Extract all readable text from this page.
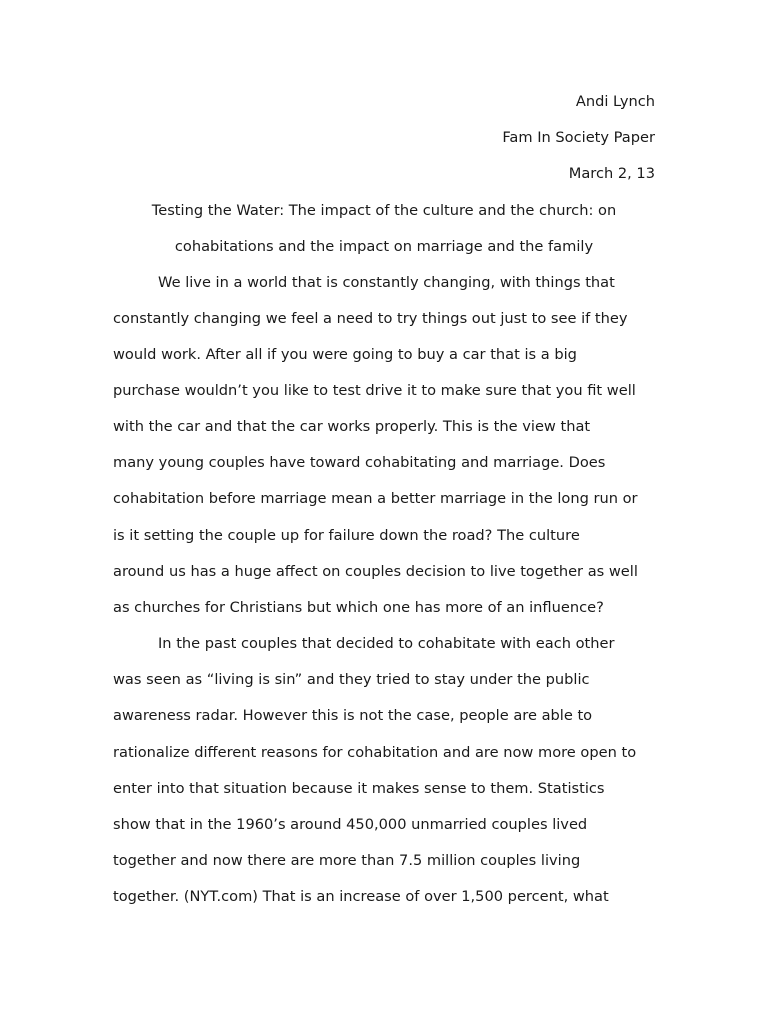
Andi Lynch
Fam In Society Paper
March 2, 13
Testing the Water: The impact of the culture and the church: on
cohabitations and the impact on marriage and the family
We live in a world that is constantly changing, with things that
constantly changing we feel a need to try things out just to see if they
would work. After all if you were going to buy a car that is a big
purchase wouldn’t you like to test drive it to make sure that you fit well
with the car and that the car works properly. This is the view that
many young couples have toward cohabitating and marriage. Does
cohabitation before marriage mean a better marriage in the long run or
is it setting the couple up for failure down the road? The culture
around us has a huge affect on couples decision to live together as well
as churches for Christians but which one has more of an influence?
In the past couples that decided to cohabitate with each other
was seen as “living is sin” and they tried to stay under the public
awareness radar. However this is not the case, people are able to
rationalize different reasons for cohabitation and are now more open to
enter into that situation because it makes sense to them. Statistics
show that in the 1960’s around 450,000 unmarried couples lived
together and now there are more than 7.5 million couples living
together. (NYT.com) That is an increase of over 1,500 percent, what
